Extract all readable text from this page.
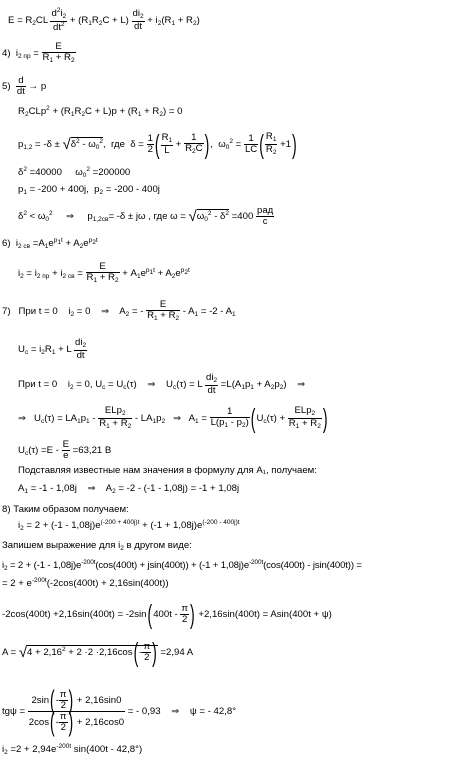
$E = R_2CL \frac{d^2i_2}{dt^2} + (R_1R_2C + L) \frac{di_2}{dt} + i_2(R_1 + R_2)$
4)  $i_{2 пр} = \frac{E}{R_1 + R_2}$
$5) \frac{d}{dt} \to p$
$R_2CLp^2 + (R_1R_2C + L)p + (R_1 + R_2) = 0$
$p_{1,2} = -\delta \pm √\delta^2 - \omega_0^2$,  где  $\delta = \frac{1}{2}$ ( $\frac{R_1}{L} + \frac{1}{R_2C}$ ),  $\omega_0^2 = \frac{1}{LC}$ ( $\frac{R_1}{R_2} +1$)
$\delta^2 =40000$     $\omega_0^2 =200000$
$p_1 = -200 + 400j$,  $p_2 = -200 - 400j$
$\delta^2 < \omega_0^2$     ⇒     $p_{1,2св}= -\delta \pm j\omega$ , где $\omega = √\omega_0^2 - \delta^2 =400$
рад
с
6)  $i_{2 св} =A_1e^{p_1t} + A_2e^{p_2t}$
$i_2 = i_{2 пр} + i_{2 св} = \frac{E}{R_1 + R_2} + A_1e^{p_1t} + A_2e^{p_2t}$
7)   При t = 0    $i_2 = 0$    ⇒    $A_2$ = - $\frac{E}{R_1 + R_2} - A_1 = -2 - A_1$
$U_c = i_2R_1 + L \frac{di_2}{dt}$
При t = 0    $i_2 = 0$, $U_c = U_c(\tau)$    ⇒    $U_c(\tau) = L \frac{di_2}{dt} =L(A_1p_1 + A_2p_2)$    ⇒
⇒   $U_c(\tau) = LA_1p_1$ -
ELp$_2$
$R_1 + R_2$
- $LA_1p_2$   ⇒   $A_1 = \frac{1}{L(p_1 - p_2)} (U_c(\tau)$ +
ELp$_2$
$R_1 + R_2$ )
$U_c(\tau) =E - \frac{E}{e} =63,21$ В
Подставляя известные нам значения в формулу для A₁, получаем:
$A_1 = -1 - 1,08j$    ⇒    $A_2 = -2 - (-1 - 1,08j) = -1 + 1,08j$
8) Таким образом получаем:
$i_2 = 2 + (-1 - 1,08j)e^{(-200 + 400j)t} + (-1 + 1,08j)e^{(-200 - 400j)t}$
Запишем выражение для $i_2$ в другом виде:
$i_2 = 2 + (-1 - 1,08j)e^{-200t}(\cos(400t) + jsin(400t)) + (-1 + 1,08j)e^{-200t}(\cos(400t) - jsin(400t))$ =
= $2 + e^{-200t}(-2\cos(400t) + 2,16\sin(400t))$
$-2\cos(400t) +2,16\sin(400t) = -2\sin(400t - \frac{\pi}{2}$ ) +2,16sin(400t) = Asin(400t + ψ)
$A = √4 + 2,16^2 + 2 \cdot 2 \cdot 2,16\cos(- \frac{\pi}{2}$ ) =2,94 A
$tg\psi = \frac{2\sin(- \frac{\pi}{2} ) + 2,16\sin 0}{2\cos(- \frac{\pi}{2} ) + 2,16\cos 0}$ = - 0,93    ⇒    ψ = - 42,8°
$i_2 =2 + 2,94e^{-200t}$ sin(400t - 42,8°)
